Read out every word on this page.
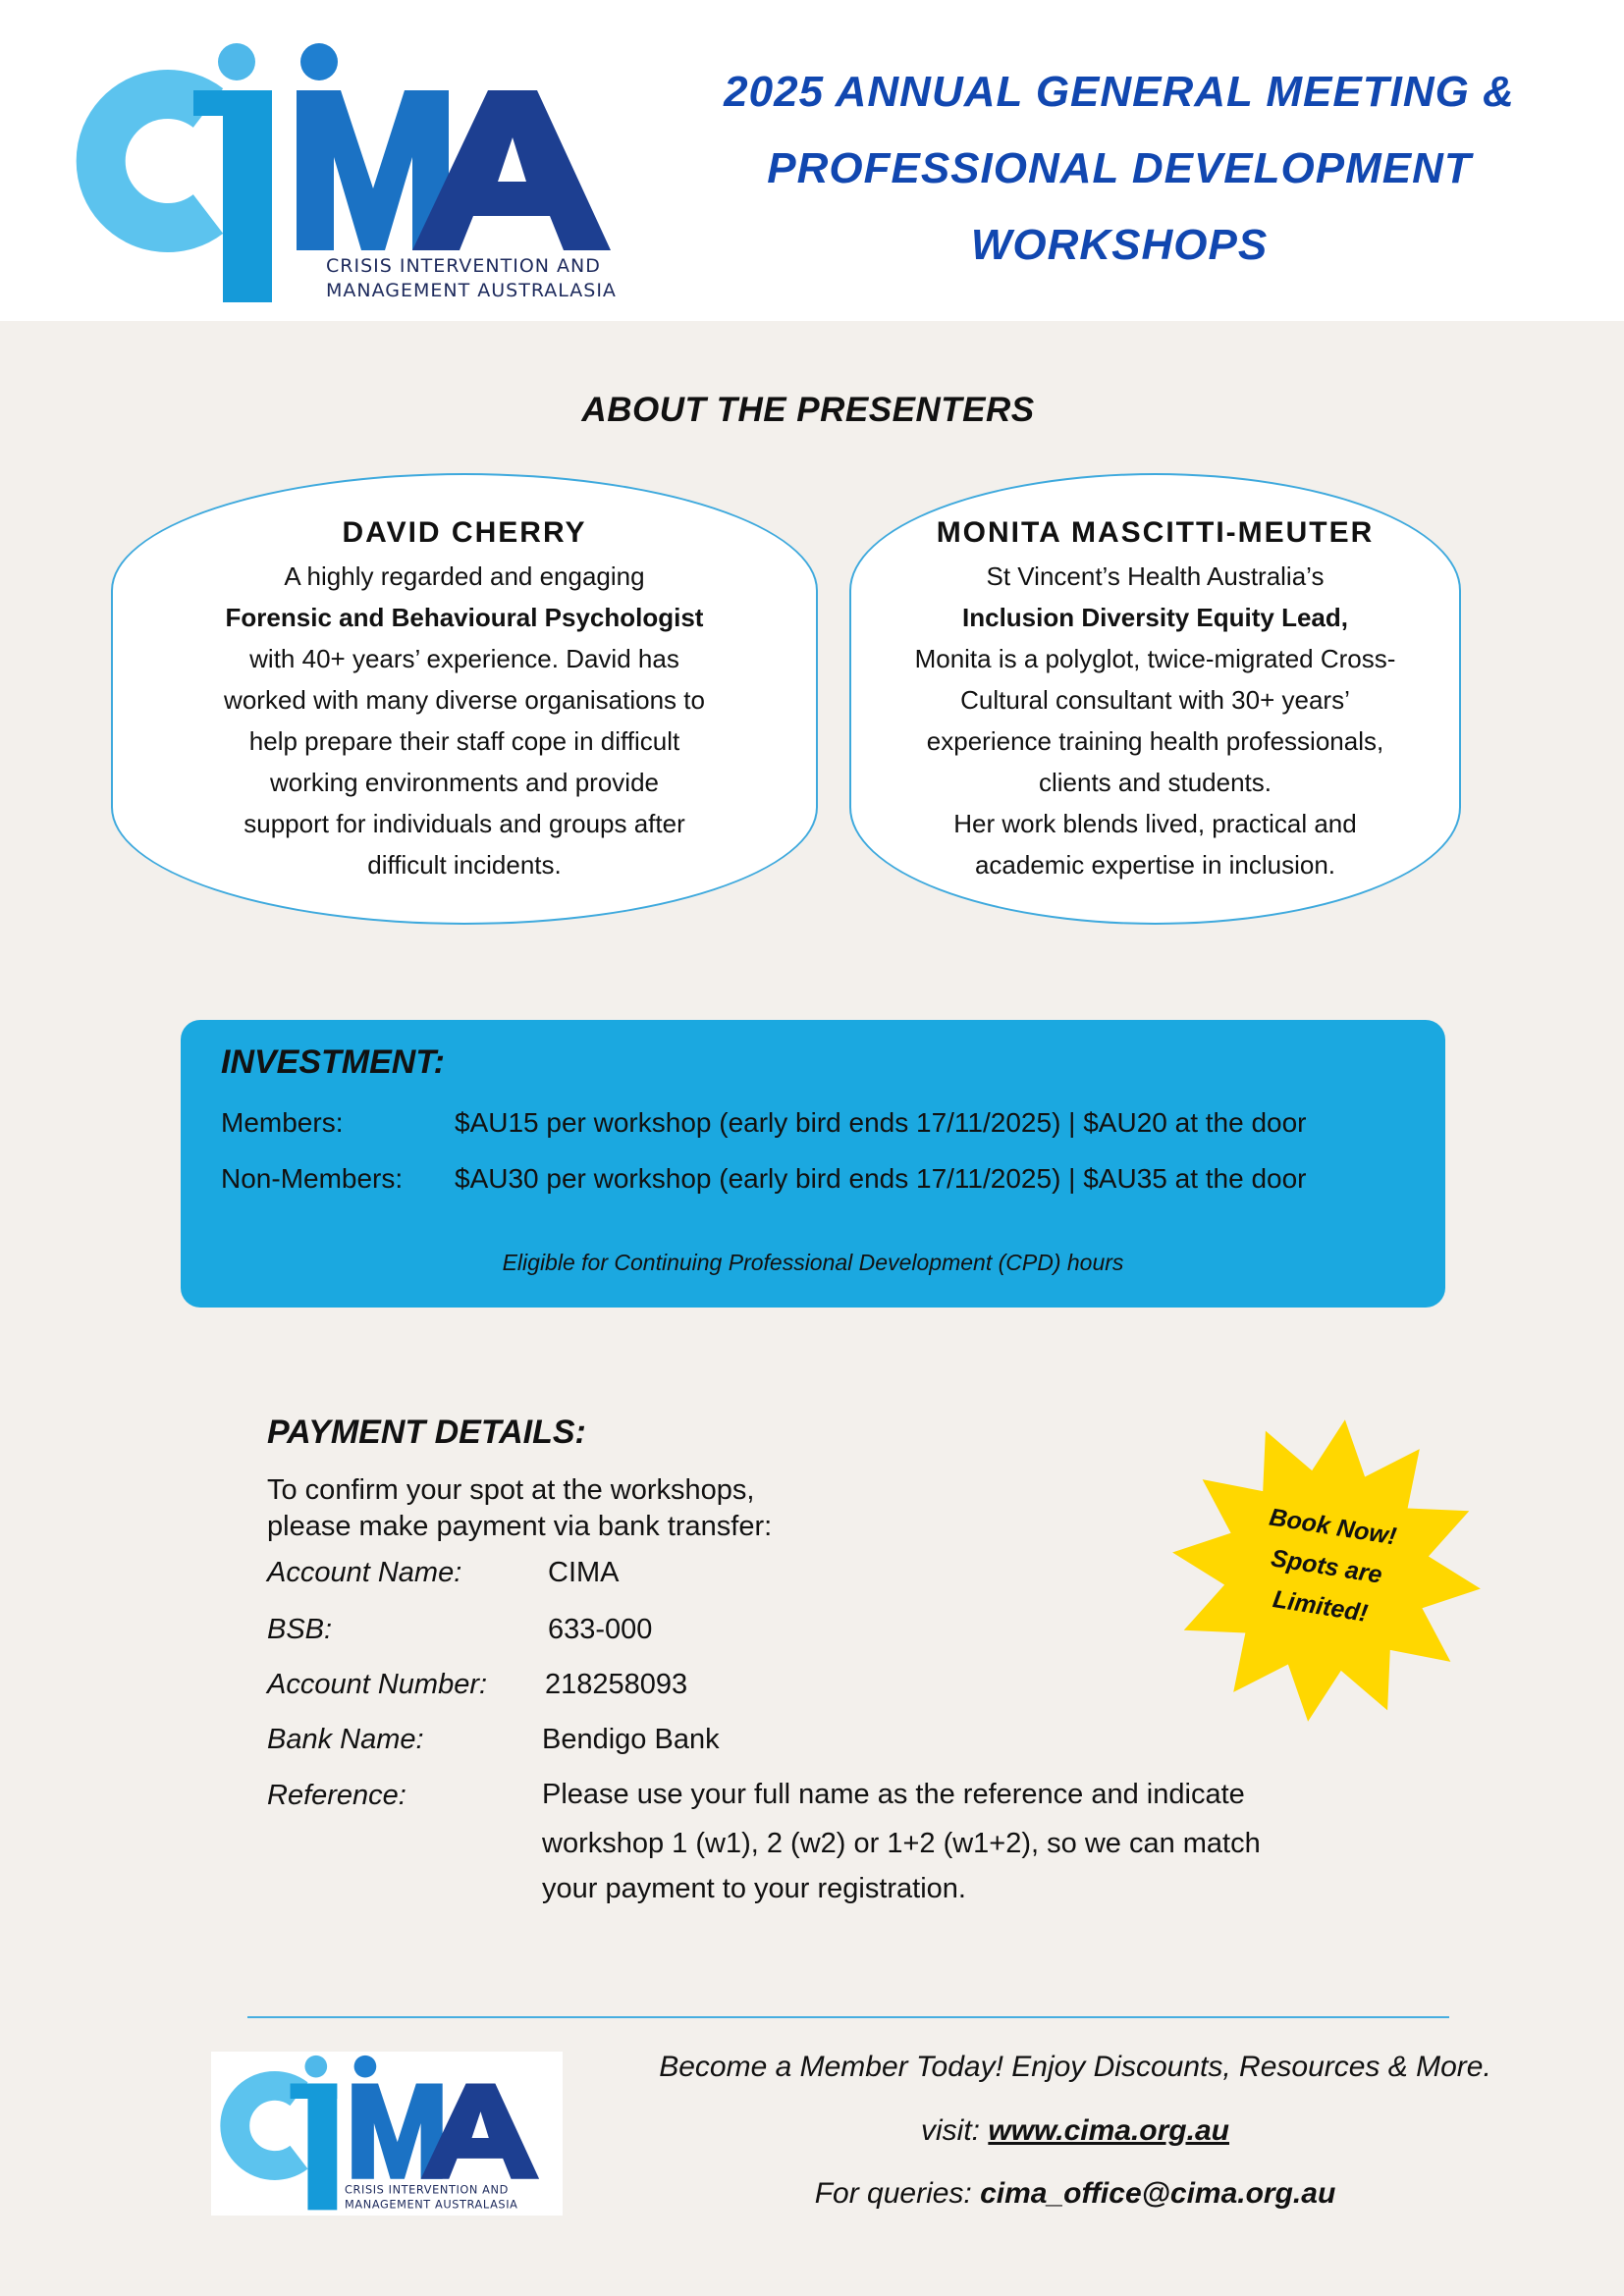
CRISIS INTERVENTION AND
MANAGEMENT AUSTRALASIA
2025 ANNUAL GENERAL MEETING &
PROFESSIONAL DEVELOPMENT
WORKSHOPS
ABOUT THE PRESENTERS
DAVID CHERRY
A highly regarded and engaging
Forensic and Behavioural Psychologist
with 40+ years’ experience. David has
worked with many diverse organisations to
help prepare their staff cope in difficult
working environments and provide
support for individuals and groups after
difficult incidents.
MONITA MASCITTI-MEUTER
St Vincent’s Health Australia’s
Inclusion Diversity Equity Lead,
Monita is a polyglot, twice-migrated Cross-
Cultural consultant with 30+ years’
experience training health professionals,
clients and students.
Her work blends lived, practical and
academic expertise in inclusion.
INVESTMENT:
Members:	$AU15 per workshop (early bird ends 17/11/2025) | $AU20 at the door
Non-Members: $AU30 per workshop (early bird ends 17/11/2025) | $AU35 at the door
Eligible for Continuing Professional Development (CPD) hours
PAYMENT DETAILS:
To confirm your spot at the workshops,
please make payment via bank transfer:
Account Name:	CIMA
BSB:	633-000
Account Number: 218258093
Bank Name:	Bendigo Bank
Reference:	Please use your full name as the reference and indicate
workshop 1 (w1), 2 (w2) or 1+2 (w1+2), so we can match
your payment to your registration.
Book Now!
Spots are
Limited!
CRISIS INTERVENTION AND
MANAGEMENT AUSTRALASIA
Become a Member Today! Enjoy Discounts, Resources & More.
visit: www.cima.org.au
For queries: cima_office@cima.org.au
